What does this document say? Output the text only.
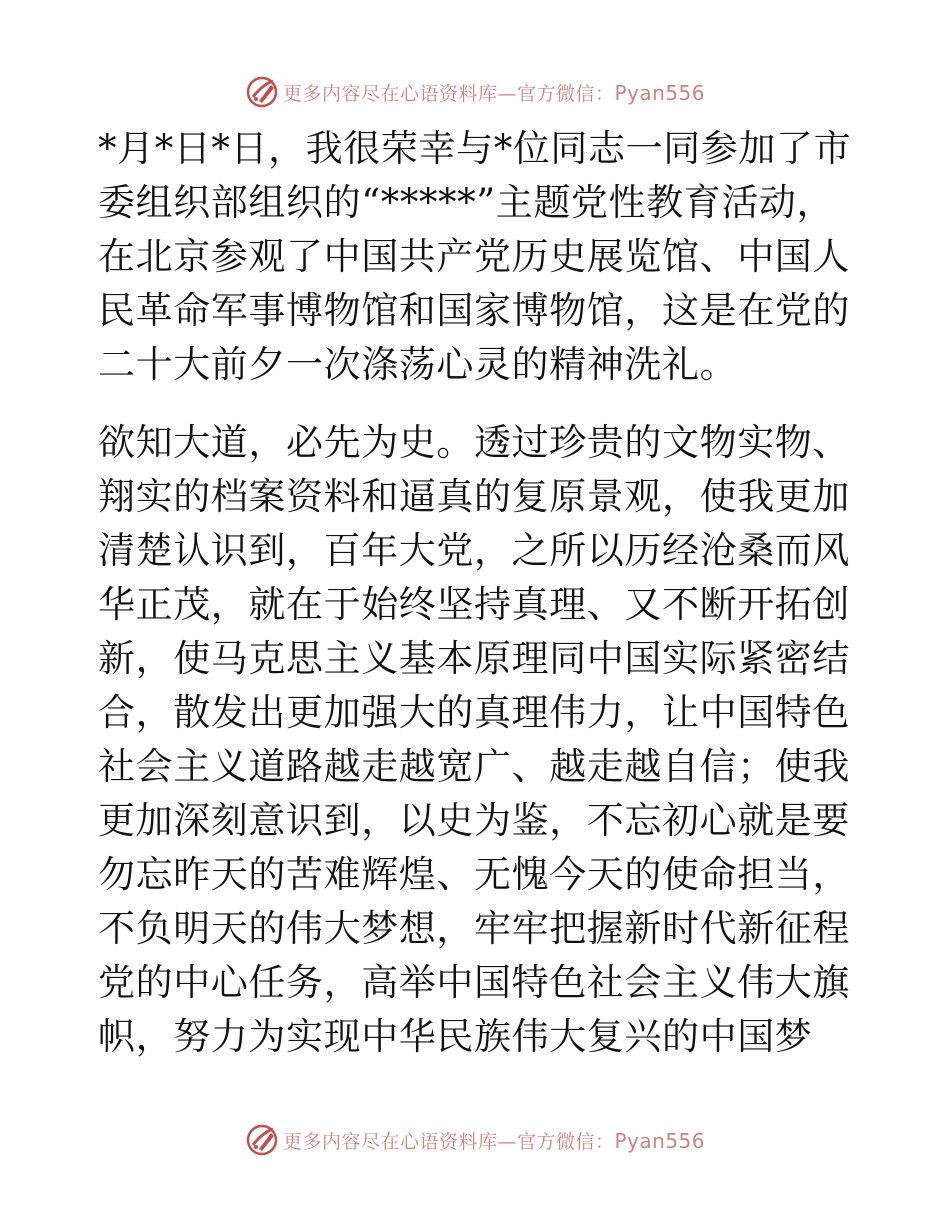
更多内容尽在心语资料库—官方微信：Pyan556

*月*日*日，我很荣幸与*位同志一同参加了市委组织部组织的“*****”主题党性教育活动，在北京参观了中国共产党历史展览馆、中国人民革命军事博物馆和国家博物馆，这是在党的二十大前夕一次涤荡心灵的精神洗礼。

欲知大道，必先为史。透过珍贵的文物实物、翔实的档案资料和逼真的复原景观，使我更加清楚认识到，百年大党，之所以历经沧桑而风华正茂，就在于始终坚持真理、又不断开拓创新，使马克思主义基本原理同中国实际紧密结合，散发出更加强大的真理伟力，让中国特色社会主义道路越走越宽广、越走越自信；使我更加深刻意识到，以史为鉴，不忘初心就是要勿忘昨天的苦难辉煌、无愧今天的使命担当，不负明天的伟大梦想，牢牢把握新时代新征程党的中心任务，高举中国特色社会主义伟大旗帜，努力为实现中华民族伟大复兴的中国梦

更多内容尽在心语资料库—官方微信：Pyan556
